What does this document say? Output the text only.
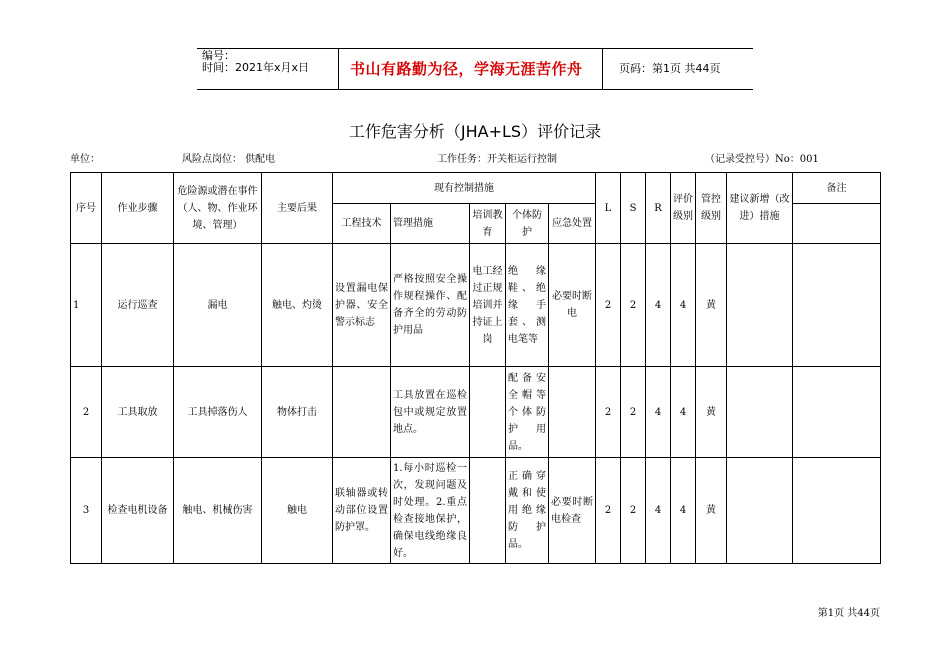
编号：
时间：2021年x月x日	书山有路勤为径，学海无涯苦作舟	页码：第1页 共44页
工作危害分析（JHA+LS）评价记录
单位：	风险点岗位： 供配电	工作任务：开关柜运行控制	（记录受控号）No：001
序号	作业步骤	危险源或潜在事件（人、物、作业环境、管理）	主要后果	现有控制措施					L	S	R	评价级别	管控级别	建议新增（改进）措施	备注
				工程技术	管理措施	培训教育	个体防护	应急处置							
1	运行巡查	漏电	触电、灼烫	设置漏电保护器、安全警示标志	严格按照安全操作规程操作、配备齐全的劳动防护用品	电工经过正规培训并持证上岗	绝缘鞋、绝缘手套、测电笔等	必要时断电	2	2	4	4	黄		
2	工具取放	工具掉落伤人	物体打击		工具放置在巡检包中或规定放置地点。		配备安全帽等个体防护用品。		2	2	4	4	黄		
3	检查电机设备	触电、机械伤害	触电	联轴器或转动部位设置防护罩。	1.每小时巡检一次，发现问题及时处理。2.重点检查接地保护，确保电线绝缘良好。		正确穿戴和使用绝缘防护品。	必要时断电检查	2	2	4	4	黄		
第1页 共44页
